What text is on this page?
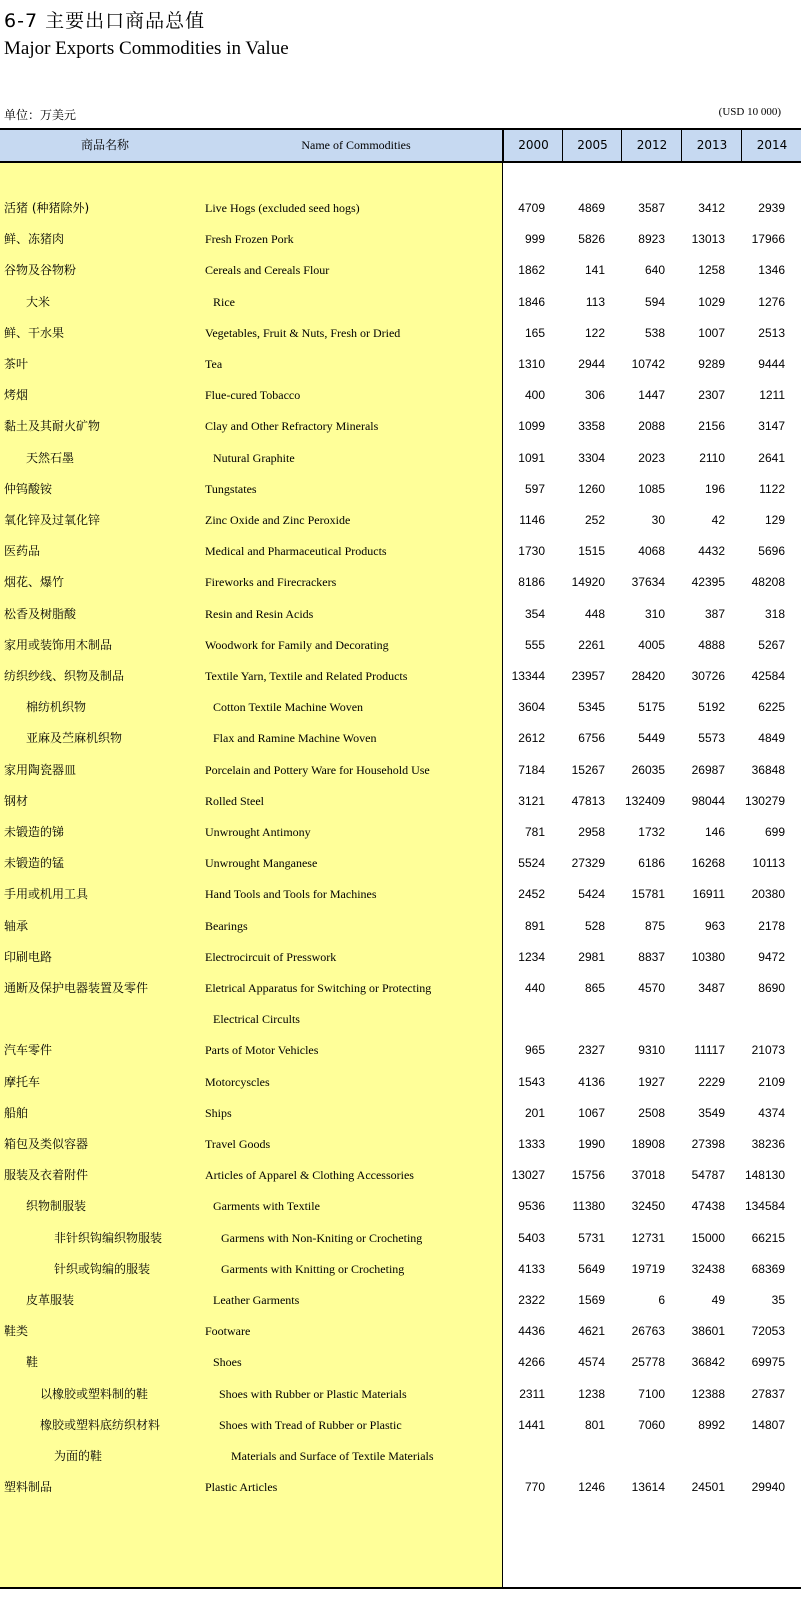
6-7 主要出口商品总值
Major Exports Commodities in Value
单位：万美元	(USD 10 000)
商品名称	Name of Commodities	2000	2005	2012	2013	2014
活猪 (种猪除外)	Live Hogs (excluded seed hogs)	4709	4869	3587	3412	2939
鲜、冻猪肉	Fresh Frozen Pork	999	5826	8923	13013	17966
谷物及谷物粉	Cereals and Cereals Flour	1862	141	640	1258	1346
大米	Rice	1846	113	594	1029	1276
鲜、干水果	Vegetables, Fruit & Nuts, Fresh or Dried	165	122	538	1007	2513
茶叶	Tea	1310	2944	10742	9289	9444
烤烟	Flue-cured Tobacco	400	306	1447	2307	1211
黏土及其耐火矿物	Clay and Other Refractory Minerals	1099	3358	2088	2156	3147
天然石墨	Nutural Graphite	1091	3304	2023	2110	2641
仲钨酸铵	Tungstates	597	1260	1085	196	1122
氧化锌及过氧化锌	Zinc Oxide and Zinc Peroxide	1146	252	30	42	129
医药品	Medical and Pharmaceutical Products	1730	1515	4068	4432	5696
烟花、爆竹	Fireworks and Firecrackers	8186	14920	37634	42395	48208
松香及树脂酸	Resin and Resin Acids	354	448	310	387	318
家用或装饰用木制品	Woodwork for Family and Decorating	555	2261	4005	4888	5267
纺织纱线、织物及制品	Textile Yarn, Textile and Related Products	13344	23957	28420	30726	42584
棉纺机织物	Cotton Textile Machine Woven	3604	5345	5175	5192	6225
亚麻及苎麻机织物	Flax and Ramine Machine Woven	2612	6756	5449	5573	4849
家用陶瓷器皿	Porcelain and Pottery Ware for Household Use	7184	15267	26035	26987	36848
钢材	Rolled Steel	3121	47813	132409	98044	130279
未锻造的锑	Unwrought Antimony	781	2958	1732	146	699
未锻造的锰	Unwrought Manganese	5524	27329	6186	16268	10113
手用或机用工具	Hand Tools and Tools for Machines	2452	5424	15781	16911	20380
轴承	Bearings	891	528	875	963	2178
印刷电路	Electrocircuit of Presswork	1234	2981	8837	10380	9472
通断及保护电器装置及零件	Eletrical Apparatus for Switching or Protecting	440	865	4570	3487	8690
Electrical Circults
汽车零件	Parts of Motor Vehicles	965	2327	9310	11117	21073
摩托车	Motorcyscles	1543	4136	1927	2229	2109
船舶	Ships	201	1067	2508	3549	4374
箱包及类似容器	Travel Goods	1333	1990	18908	27398	38236
服装及衣着附件	Articles of Apparel & Clothing Accessories	13027	15756	37018	54787	148130
织物制服装	Garments with Textile	9536	11380	32450	47438	134584
非针织钩编织物服装	Garmens with Non-Kniting or Crocheting	5403	5731	12731	15000	66215
针织或钩编的服装	Garments with Knitting or Crocheting	4133	5649	19719	32438	68369
皮革服装	Leather Garments	2322	1569	6	49	35
鞋类	Footware	4436	4621	26763	38601	72053
鞋	Shoes	4266	4574	25778	36842	69975
以橡胶或塑料制的鞋	Shoes with Rubber or Plastic Materials	2311	1238	7100	12388	27837
橡胶或塑料底纺织材料	Shoes with Tread of Rubber or Plastic	1441	801	7060	8992	14807
为面的鞋	Materials and Surface of Textile Materials
塑料制品	Plastic Articles	770	1246	13614	24501	29940
